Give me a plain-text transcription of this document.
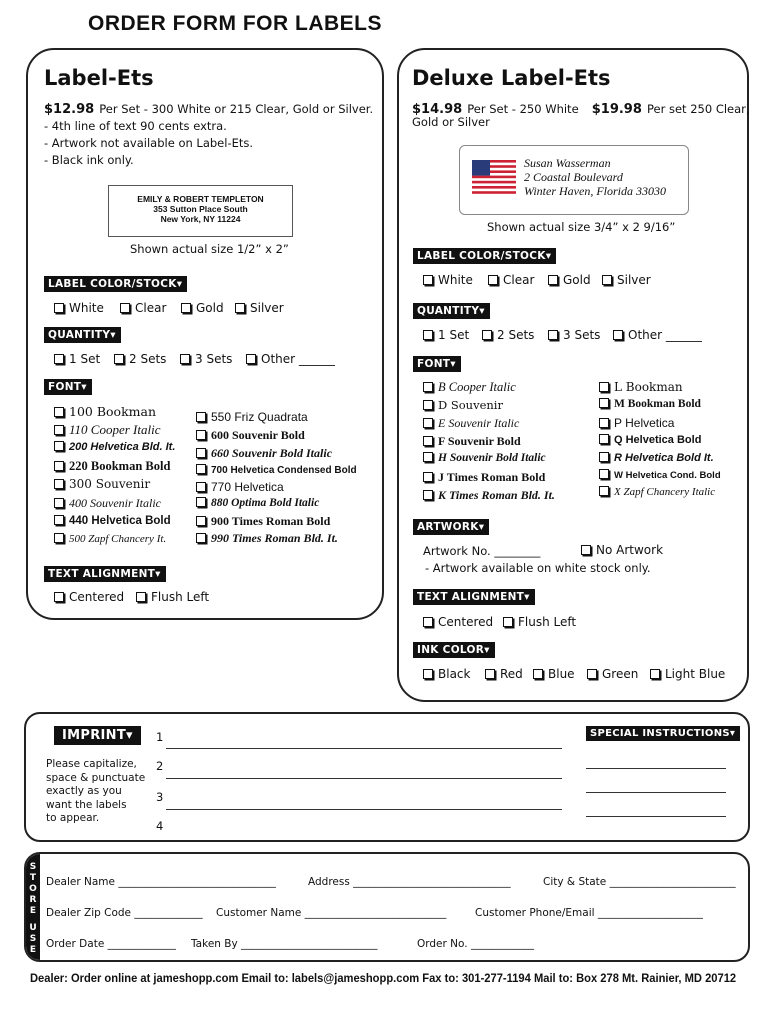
ORDER FORM FOR LABELS
Label-Ets
$12.98 Per Set - 300 White or 215 Clear, Gold or Silver.
- 4th line of text 90 cents extra.
- Artwork not available on Label-Ets.
- Black ink only.
EMILY & ROBERT TEMPLETON
353 Sutton Place South
New York, NY 11224
Shown actual size 1/2” x 2”
LABEL COLOR/STOCK▾
White	Clear	Gold	Silver
QUANTITY▾
1 Set	2 Sets	3 Sets	Other ______
FONT▾
100 Bookman
110 Cooper Italic
200 Helvetica Bld. It.
220 Bookman Bold
300 Souvenir
400 Souvenir Italic
440 Helvetica Bold
500 Zapf Chancery It.
550 Friz Quadrata
600 Souvenir Bold
660 Souvenir Bold Italic
700 Helvetica Condensed Bold
770 Helvetica
880 Optima Bold Italic
900 Times Roman Bold
990 Times Roman Bld. It.
TEXT ALIGNMENT▾
Centered	Flush Left
Deluxe Label-Ets
$14.98 Per Set - 250 White $19.98 Per set 250 Clear,
Gold or Silver
Susan Wasserman
2 Coastal Boulevard
Winter Haven, Florida 33030
Shown actual size 3/4” x 2 9/16”
LABEL COLOR/STOCK▾
White	Clear	Gold	Silver
QUANTITY▾
1 Set	2 Sets	3 Sets	Other ______
FONT▾
B Cooper Italic
D Souvenir
E Souvenir Italic
F Souvenir Bold
H Souvenir Bold Italic
J Times Roman Bold
K Times Roman Bld. It.
L Bookman
M Bookman Bold
P Helvetica
Q Helvetica Bold
R Helvetica Bold It.
W Helvetica Cond. Bold
X Zapf Chancery Italic
ARTWORK▾
Artwork No. ________	No Artwork
- Artwork available on white stock only.
TEXT ALIGNMENT▾
Centered	Flush Left
INK COLOR▾
Black	Red	Blue	Green	Light Blue
IMPRINT▾
Please capitalize,
space & punctuate
exactly as you
want the labels
to appear.
1
2
3
4
SPECIAL INSTRUCTIONS▾
S
T
O
R
E
U
S
E
Dealer Name ______________________________	Address ______________________________	City & State ________________________
Dealer Zip Code _____________ Customer Name ___________________________	Customer Phone/Email ____________________
Order Date _____________ Taken By __________________________	Order No. ____________
Dealer: Order online at jameshopp.com Email to: labels@jameshopp.com Fax to: 301-277-1194 Mail to: Box 278 Mt. Rainier, MD 20712
